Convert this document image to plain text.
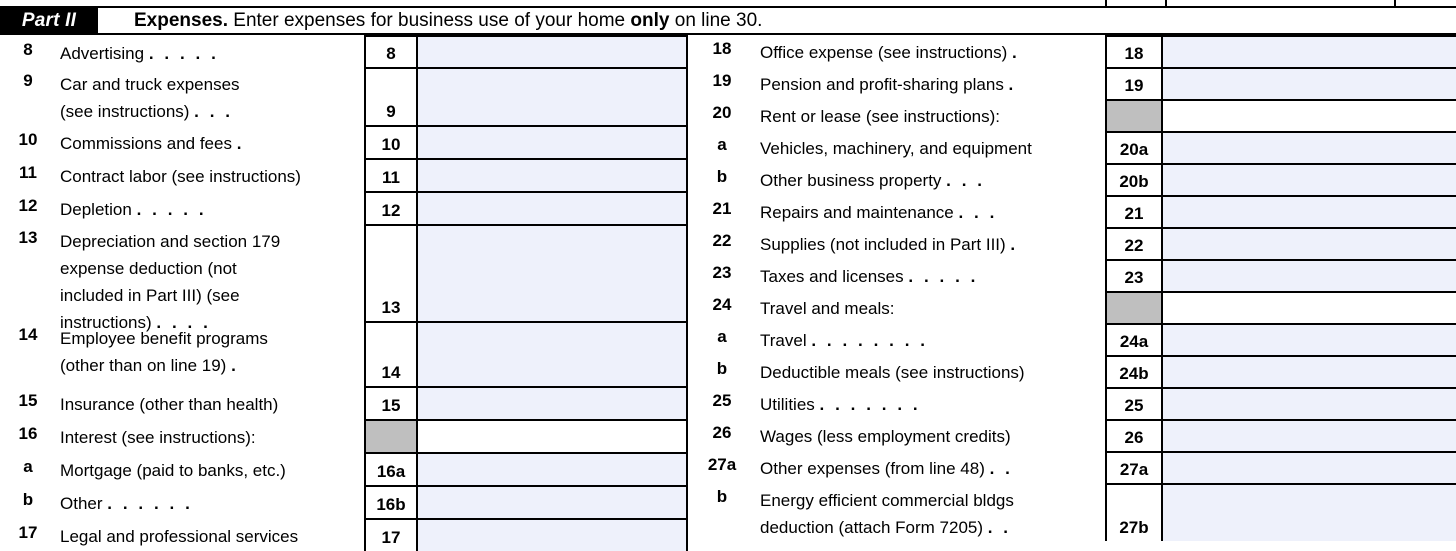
Part II	Expenses. Enter expenses for business use of your home only on line 30.
8	Advertising . . . . .	8
9	Car and truck expenses
(see instructions) . . .	9
10	Commissions and fees .	10
11	Contract labor (see instructions)	11
12	Depletion . . . . .	12
13	Depreciation and section 179
expense deduction (not
included in Part III) (see
instructions) . . . .
13
14	Employee benefit programs
(other than on line 19) .	14
15	Insurance (other than health)	15
16	Interest (see instructions):
a	Mortgage (paid to banks, etc.)	16a
b	Other . . . . . .	16b
17	Legal and professional services	17
18	Office expense (see instructions) .	18
19	Pension and profit-sharing plans .	19
20	Rent or lease (see instructions):
a	Vehicles, machinery, and equipment	20a
b	Other business property . . .	20b
21	Repairs and maintenance . . .	21
22	Supplies (not included in Part III) .	22
23	Taxes and licenses . . . . .	23
24	Travel and meals:
a	Travel . . . . . . . .	24a
b	Deductible meals (see instructions)	24b
25	Utilities . . . . . . .	25
26	Wages (less employment credits)	26
27a	Other expenses (from line 48) . .	27a
b	Energy efficient commercial bldgs
deduction (attach Form 7205) . .	27b
